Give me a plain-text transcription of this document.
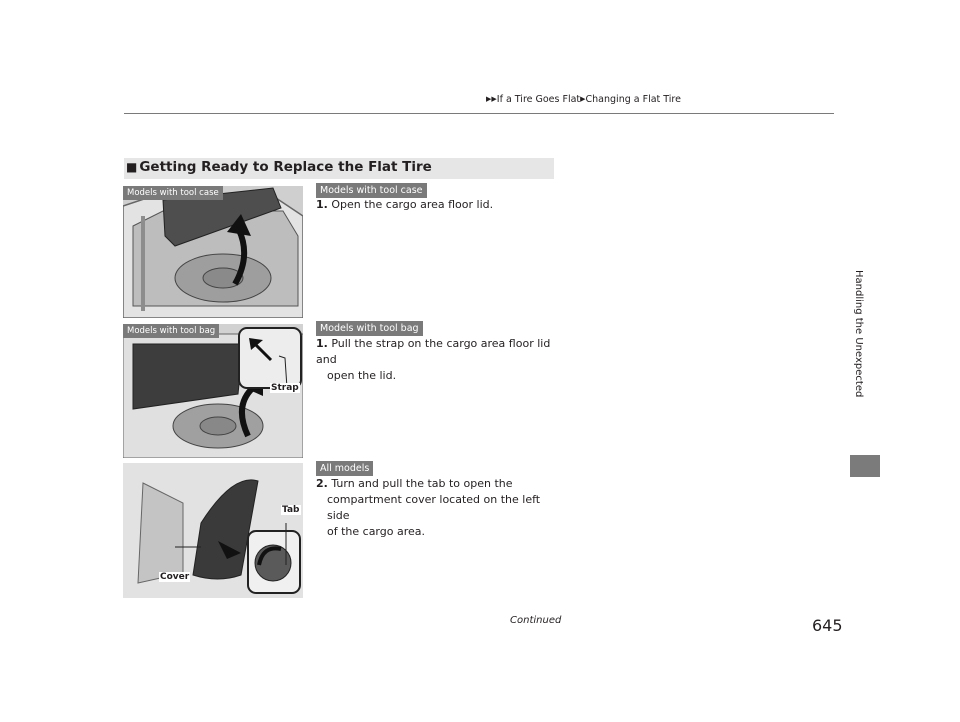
▶▶If a Tire Goes Flat▶Changing a Flat Tire
Handling the Unexpected
■ Getting Ready to Replace the Flat Tire
Models with tool case
Models with tool bag
Strap
Tab
Cover
Models with tool case
1. Open the cargo area floor lid.
Models with tool bag
1. Pull the strap on the cargo area floor lid and
open the lid.
All models
2. Turn and pull the tab to open the
compartment cover located on the left side
of the cargo area.
Continued	645
